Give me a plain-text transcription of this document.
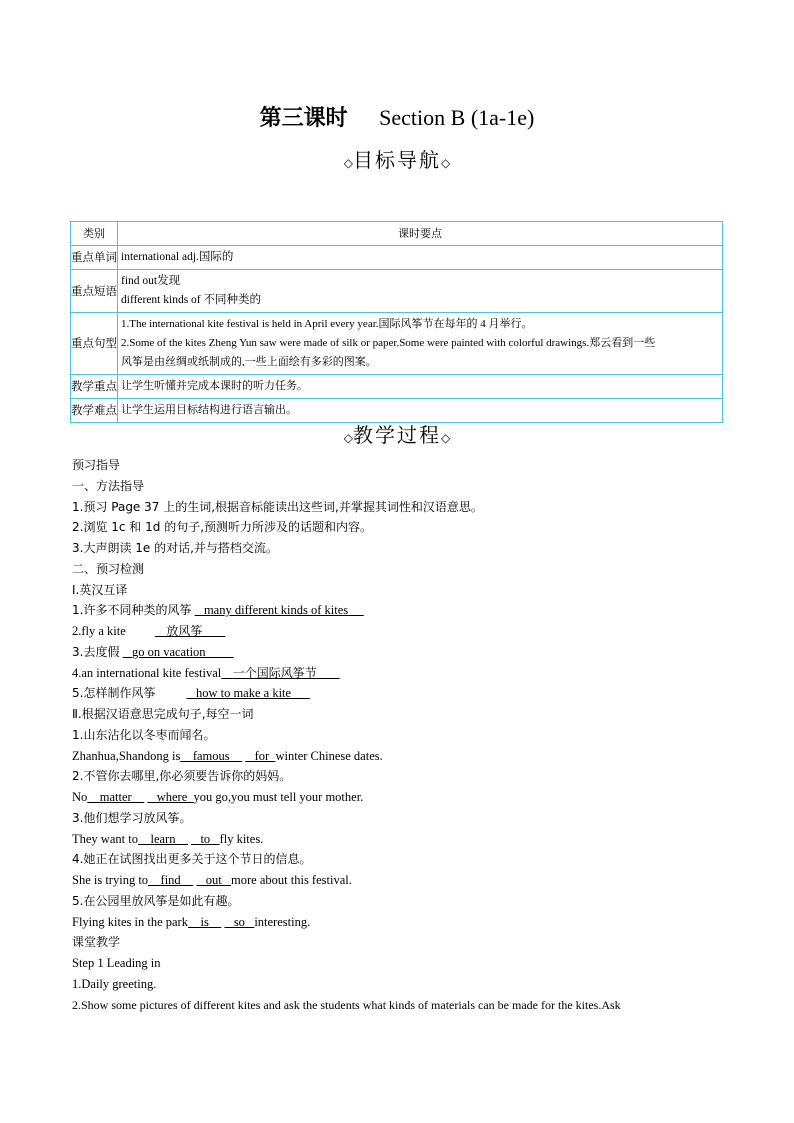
第三课时 Section B (1a-1e)
◇目标导航◇
类别	课时要点
重点单词	international adj.国际的

重点短语	find out发现
different kinds of 不同种类的

重点句型	1.The international kite festival is held in April every year.国际风筝节在每年的 4 月举行。
2.Some of the kites Zheng Yun saw were made of silk or paper.Some were painted with colorful drawings.郑云看到一些
风筝是由丝绸或纸制成的,一些上面绘有多彩的图案。

教学重点	让学生听懂并完成本课时的听力任务。

教学难点	让学生运用目标结构进行语言输出。
◇教学过程◇
预习指导
一、方法指导
1.预习 Page 37 上的生词,根据音标能读出这些词,并掌握其词性和汉语意思。
2.浏览 1c 和 1d 的句子,预测听力所涉及的话题和内容。
3.大声朗读 1e 的对话,并与搭档交流。
二、预习检测
Ⅰ.英汉互译
1.许多不同种类的风筝 many different kinds of kites
2.fly a kite	放风筝
3.去度假 go on vacation
4.an international kite festival 一个国际风筝节
5.怎样制作风筝	how to make a kite
Ⅱ.根据汉语意思完成句子,每空一词
1.山东沾化以冬枣而闻名。
Zhanhua,Shandong is famous for winter Chinese dates.
2.不管你去哪里,你必须要告诉你的妈妈。
No matter where you go,you must tell your mother.
3.他们想学习放风筝。
They want to learn to fly kites.
4.她正在试图找出更多关于这个节日的信息。
She is trying to find out more about this festival.
5.在公园里放风筝是如此有趣。
Flying kites in the park is so interesting.
课堂教学
Step 1 Leading in
1.Daily greeting.
2.Show some pictures of different kites and ask the students what kinds of materials can be made for the kites.Ask
